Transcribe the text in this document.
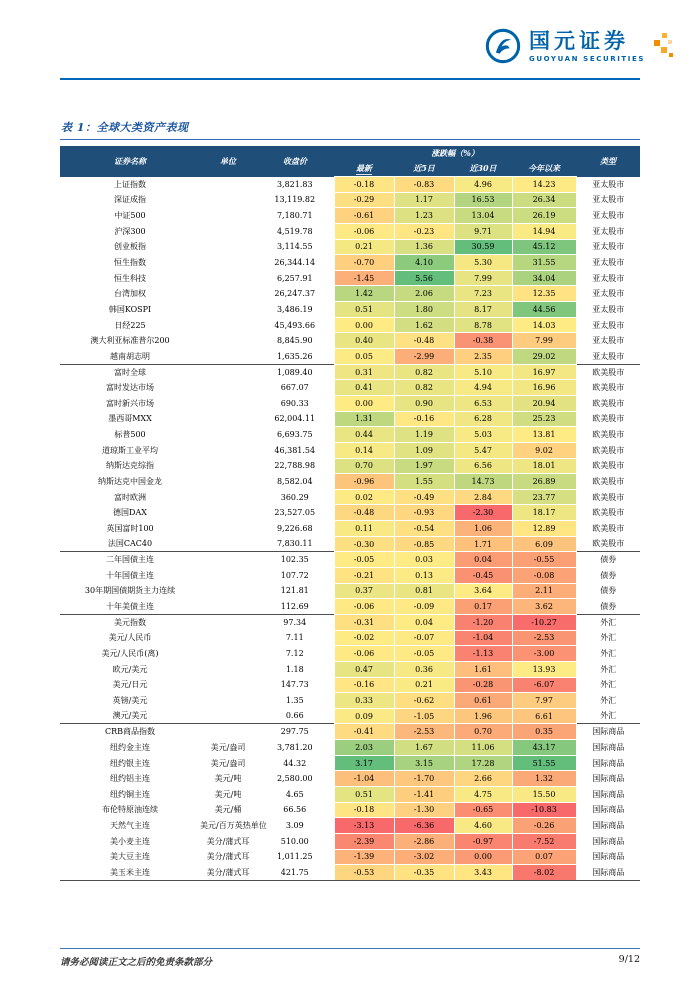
国元证券
GUOYUAN SECURITIES
表 1：全球大类资产表现
证券名称	单位	收盘价	涨跌幅（%）				类型
			最新	近5日	近30日	今年以来	
上证指数		3,821.83	-0.18	-0.83	4.96	14.23	亚太股市
深证成指		13,119.82	-0.29	1.17	16.53	26.34	亚太股市
中证500		7,180.71	-0.61	1.23	13.04	26.19	亚太股市
沪深300		4,519.78	-0.06	-0.23	9.71	14.94	亚太股市
创业板指		3,114.55	0.21	1.36	30.59	45.12	亚太股市
恒生指数		26,344.14	-0.70	4.10	5.30	31.55	亚太股市
恒生科技		6,257.91	-1.45	5.56	7.99	34.04	亚太股市
台湾加权		26,247.37	1.42	2.06	7.23	12.35	亚太股市
韩国KOSPI		3,486.19	0.51	1.80	8.17	44.56	亚太股市
日经225		45,493.66	0.00	1.62	8.78	14.03	亚太股市
澳大利亚标准普尔200		8,845.90	0.40	-0.48	-0.38	7.99	亚太股市
越南胡志明		1,635.26	0.05	-2.99	2.35	29.02	亚太股市
富时全球		1,089.40	0.31	0.82	5.10	16.97	欧美股市
富时发达市场		667.07	0.41	0.82	4.94	16.96	欧美股市
富时新兴市场		690.33	0.00	0.90	6.53	20.94	欧美股市
墨西哥MXX		62,004.11	1.31	-0.16	6.28	25.23	欧美股市
标普500		6,693.75	0.44	1.19	5.03	13.81	欧美股市
道琼斯工业平均		46,381.54	0.14	1.09	5.47	9.02	欧美股市
纳斯达克综指		22,788.98	0.70	1.97	6.56	18.01	欧美股市
纳斯达克中国金龙		8,582.04	-0.96	1.55	14.73	26.89	欧美股市
富时欧洲		360.29	0.02	-0.49	2.84	23.77	欧美股市
德国DAX		23,527.05	-0.48	-0.93	-2.30	18.17	欧美股市
英国富时100		9,226.68	0.11	-0.54	1.06	12.89	欧美股市
法国CAC40		7,830.11	-0.30	-0.85	1.71	6.09	欧美股市
二年国债主连		102.35	-0.05	0.03	0.04	-0.55	债券
十年国债主连		107.72	-0.21	0.13	-0.45	-0.08	债券
30年期国债期货主力连续		121.81	0.37	0.81	3.64	2.11	债券
十年美债主连		112.69	-0.06	-0.09	0.17	3.62	债券
美元指数		97.34	-0.31	0.04	-1.20	-10.27	外汇
美元/人民币		7.11	-0.02	-0.07	-1.04	-2.53	外汇
美元/人民币(离)		7.12	-0.06	-0.05	-1.13	-3.00	外汇
欧元/美元		1.18	0.47	0.36	1.61	13.93	外汇
美元/日元		147.73	-0.16	0.21	-0.28	-6.07	外汇
英镑/美元		1.35	0.33	-0.62	0.61	7.97	外汇
澳元/美元		0.66	0.09	-1.05	1.96	6.61	外汇
CRB商品指数		297.75	-0.41	-2.53	0.70	0.35	国际商品
纽约金主连	美元/盎司	3,781.20	2.03	1.67	11.06	43.17	国际商品
纽约银主连	美元/盎司	44.32	3.17	3.15	17.28	51.55	国际商品
纽约铝主连	美元/吨	2,580.00	-1.04	-1.70	2.66	1.32	国际商品
纽约铜主连	美元/吨	4.65	0.51	-1.41	4.75	15.50	国际商品
布伦特原油连续	美元/桶	66.56	-0.18	-1.30	-0.65	-10.83	国际商品
天然气主连	美元/百万英热单位	3.09	-3.13	-6.36	4.60	-0.26	国际商品
美小麦主连	美分/蒲式耳	510.00	-2.39	-2.86	-0.97	-7.52	国际商品
美大豆主连	美分/蒲式耳	1,011.25	-1.39	-3.02	0.00	0.07	国际商品
美玉米主连	美分/蒲式耳	421.75	-0.53	-0.35	3.43	-8.02	国际商品
请务必阅读正文之后的免责条款部分	9/12
